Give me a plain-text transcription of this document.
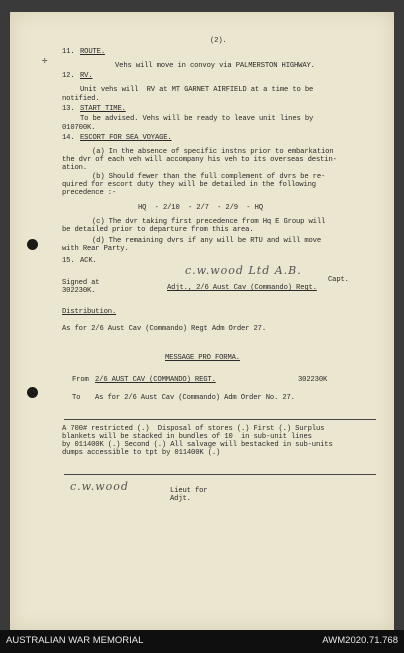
(2).
✛
11. ROUTE.
Vehs will move in convoy via PALMERSTON HIGHWAY.
12. RV.
Unit vehs will  RV at MT GARNET AIRFIELD at a time to be
notified.
13. START TIME.
To be advised. Vehs will be ready to leave unit lines by
010700K.
14. ESCORT FOR SEA VOYAGE.
(a) In the absence of specific instns prior to embarkation
the dvr of each veh will accompany his veh to its overseas destin-
ation.
(b) Should fewer than the full complement of dvrs be re-
quired for escort duty they will be detailed in the following
precedence :-
HQ  - 2/10  - 2/7  - 2/9  - HQ
(c) The dvr taking first precedence from Hq E Group will
be detailed prior to departure from this area.
(d) The remaining dvrs if any will be RTU and will move
with Rear Party.
15. ACK.
c.w.wood Ltd A.B.
Signed at
302230K.
Capt.
Adjt., 2/6 Aust Cav (Commando) Regt.
Distribution.
As for 2/6 Aust Cav (Commando) Regt Adm Order 27.
MESSAGE PRO FORMA.
From 2/6 AUST CAV (COMMANDO) REGT.	302230K
To As for 2/6 Aust Cav (Commando) Adm Order No. 27.
A 700# restricted (.)  Disposal of stores (.) First (.) Surplus
blankets will be stacked in bundles of 10  in sub-unit lines
by 011400K (.) Second (.) All salvage will bestacked in sub-units
dumps accessible to tpt by 011400K (.)
c.w.wood	Lieut for
Adjt.
AUSTRALIAN WAR MEMORIAL	AWM2020.71.768
